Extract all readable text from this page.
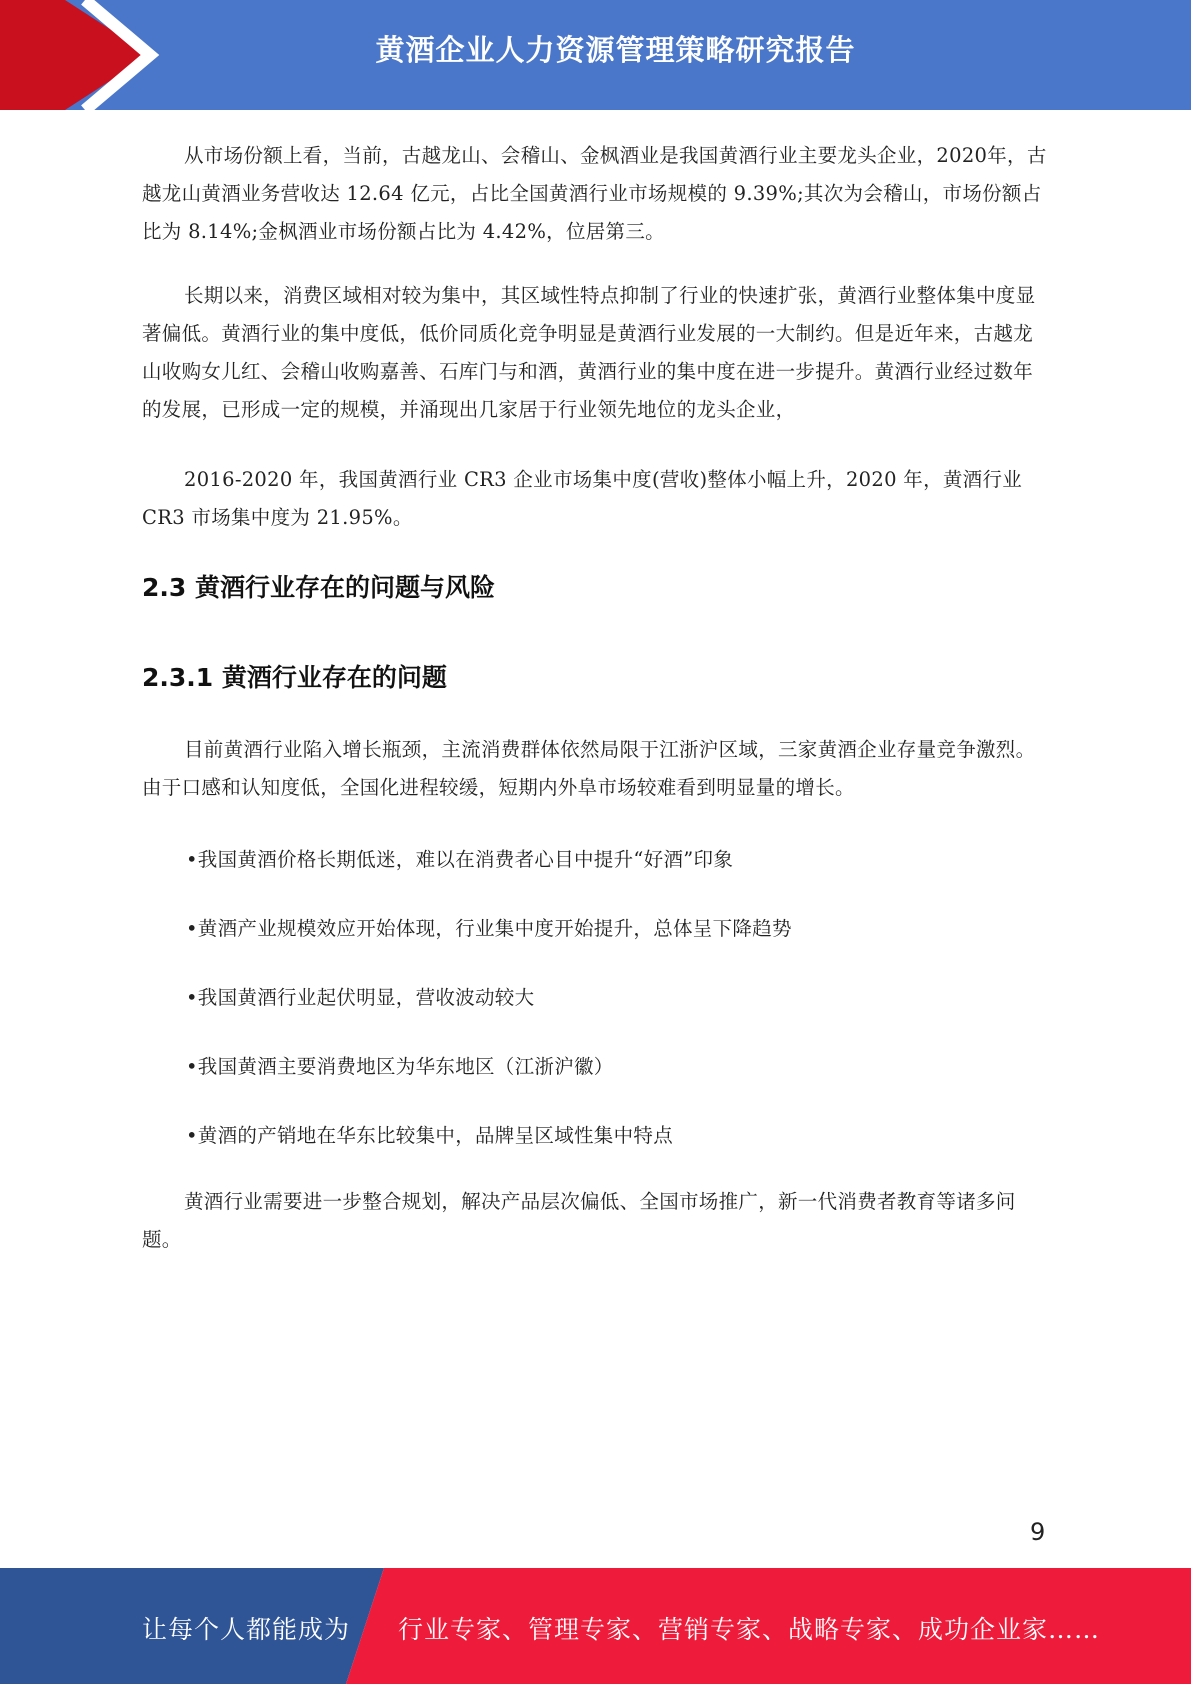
黄酒企业人力资源管理策略研究报告

从市场份额上看，当前，古越龙山、会稽山、金枫酒业是我国黄酒行业主要龙头企业，2020年，古越龙山黄酒业务营收达 12.64 亿元，占比全国黄酒行业市场规模的 9.39%;其次为会稽山，市场份额占比为 8.14%;金枫酒业市场份额占比为 4.42%，位居第三。

长期以来，消费区域相对较为集中，其区域性特点抑制了行业的快速扩张，黄酒行业整体集中度显著偏低。黄酒行业的集中度低，低价同质化竞争明显是黄酒行业发展的一大制约。但是近年来，古越龙山收购女儿红、会稽山收购嘉善、石库门与和酒，黄酒行业的集中度在进一步提升。黄酒行业经过数年的发展，已形成一定的规模，并涌现出几家居于行业领先地位的龙头企业，

2016-2020 年，我国黄酒行业 CR3 企业市场集中度(营收)整体小幅上升，2020 年，黄酒行业 CR3 市场集中度为 21.95%。

2.3 黄酒行业存在的问题与风险
2.3.1 黄酒行业存在的问题

目前黄酒行业陷入增长瓶颈，主流消费群体依然局限于江浙沪区域，三家黄酒企业存量竞争激烈。由于口感和认知度低，全国化进程较缓，短期内外阜市场较难看到明显量的增长。

•我国黄酒价格长期低迷，难以在消费者心目中提升“好酒”印象

•黄酒产业规模效应开始体现，行业集中度开始提升，总体呈下降趋势

•我国黄酒行业起伏明显，营收波动较大

•我国黄酒主要消费地区为华东地区（江浙沪徽）

•黄酒的产销地在华东比较集中，品牌呈区域性集中特点

黄酒行业需要进一步整合规划，解决产品层次偏低、全国市场推广，新一代消费者教育等诸多问题。

9
让每个人都能成为 行业专家、管理专家、营销专家、战略专家、成功企业家……
